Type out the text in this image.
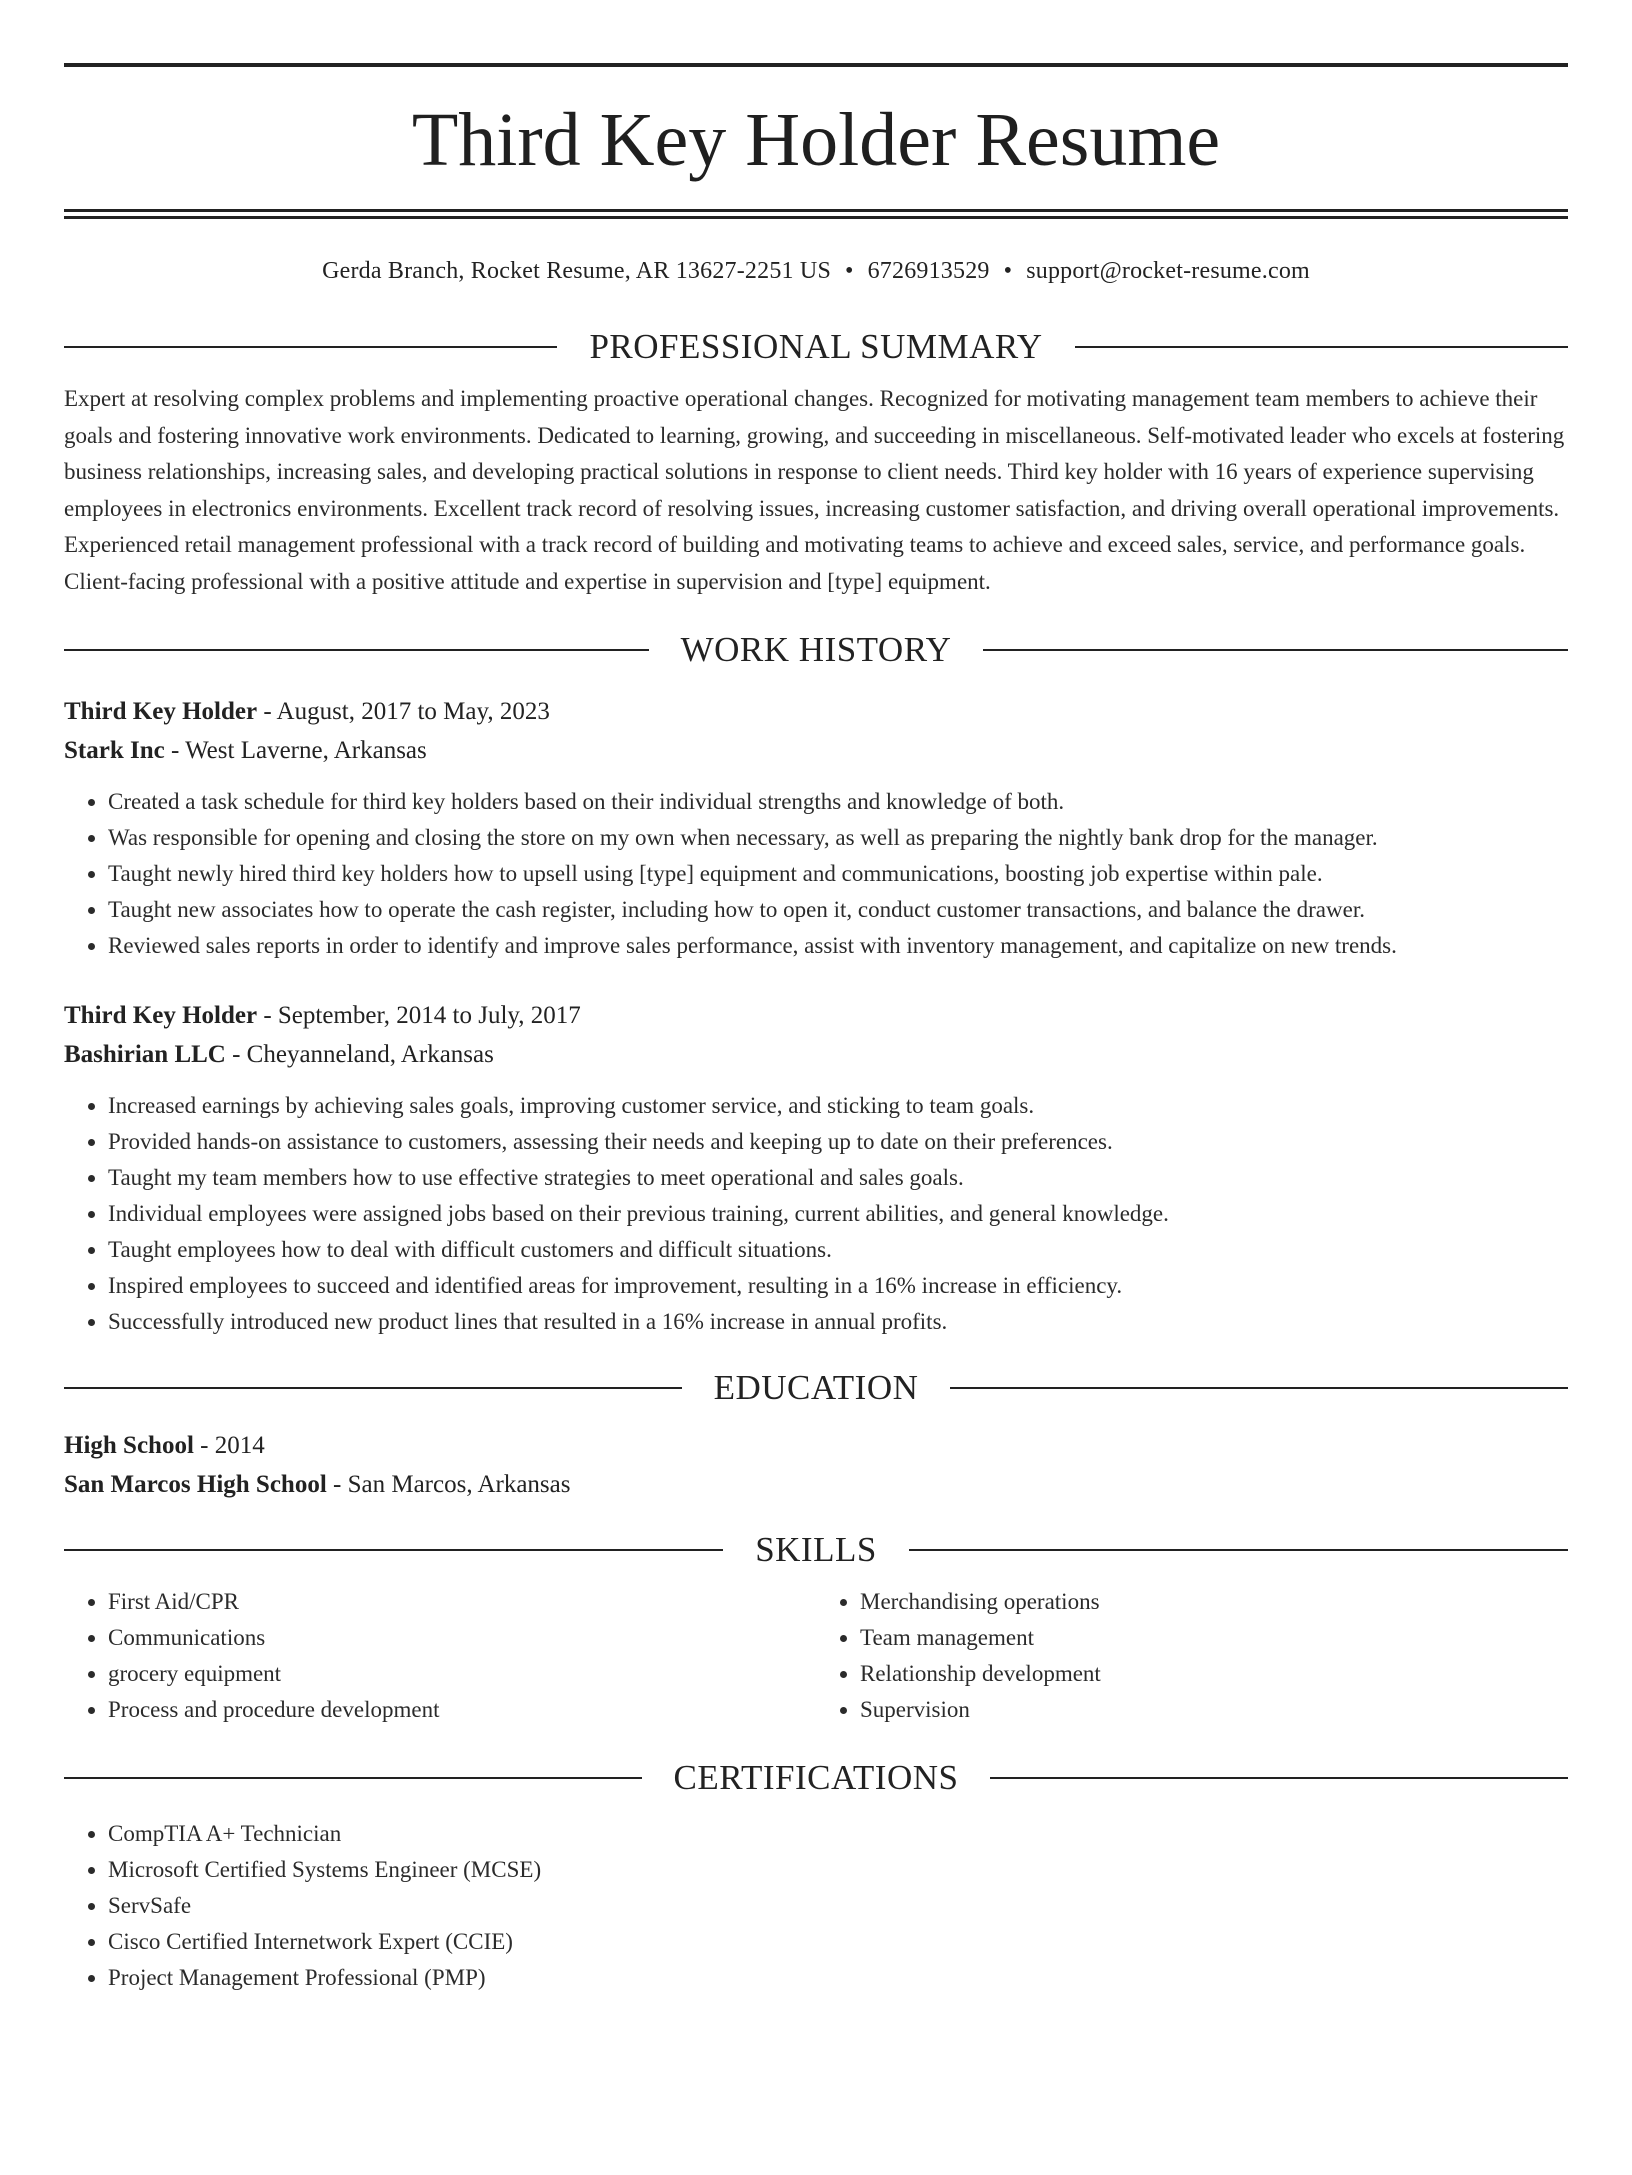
Third Key Holder Resume
Gerda Branch, Rocket Resume, AR 13627-2251 US • 6726913529 • support@rocket-resume.com
PROFESSIONAL SUMMARY
Expert at resolving complex problems and implementing proactive operational changes. Recognized for motivating management team members to achieve their goals and fostering innovative work environments. Dedicated to learning, growing, and succeeding in miscellaneous. Self-motivated leader who excels at fostering business relationships, increasing sales, and developing practical solutions in response to client needs. Third key holder with 16 years of experience supervising employees in electronics environments. Excellent track record of resolving issues, increasing customer satisfaction, and driving overall operational improvements. Experienced retail management professional with a track record of building and motivating teams to achieve and exceed sales, service, and performance goals. Client-facing professional with a positive attitude and expertise in supervision and [type] equipment.
WORK HISTORY
Third Key Holder - August, 2017 to May, 2023
Stark Inc - West Laverne, Arkansas
• Created a task schedule for third key holders based on their individual strengths and knowledge of both.
• Was responsible for opening and closing the store on my own when necessary, as well as preparing the nightly bank drop for the manager.
• Taught newly hired third key holders how to upsell using [type] equipment and communications, boosting job expertise within pale.
• Taught new associates how to operate the cash register, including how to open it, conduct customer transactions, and balance the drawer.
• Reviewed sales reports in order to identify and improve sales performance, assist with inventory management, and capitalize on new trends.
Third Key Holder - September, 2014 to July, 2017
Bashirian LLC - Cheyanneland, Arkansas
• Increased earnings by achieving sales goals, improving customer service, and sticking to team goals.
• Provided hands-on assistance to customers, assessing their needs and keeping up to date on their preferences.
• Taught my team members how to use effective strategies to meet operational and sales goals.
• Individual employees were assigned jobs based on their previous training, current abilities, and general knowledge.
• Taught employees how to deal with difficult customers and difficult situations.
• Inspired employees to succeed and identified areas for improvement, resulting in a 16% increase in efficiency.
• Successfully introduced new product lines that resulted in a 16% increase in annual profits.
EDUCATION
High School - 2014
San Marcos High School - San Marcos, Arkansas
SKILLS
• First Aid/CPR
• Communications
• grocery equipment
• Process and procedure development
• Merchandising operations
• Team management
• Relationship development
• Supervision
CERTIFICATIONS
• CompTIA A+ Technician
• Microsoft Certified Systems Engineer (MCSE)
• ServSafe
• Cisco Certified Internetwork Expert (CCIE)
• Project Management Professional (PMP)
